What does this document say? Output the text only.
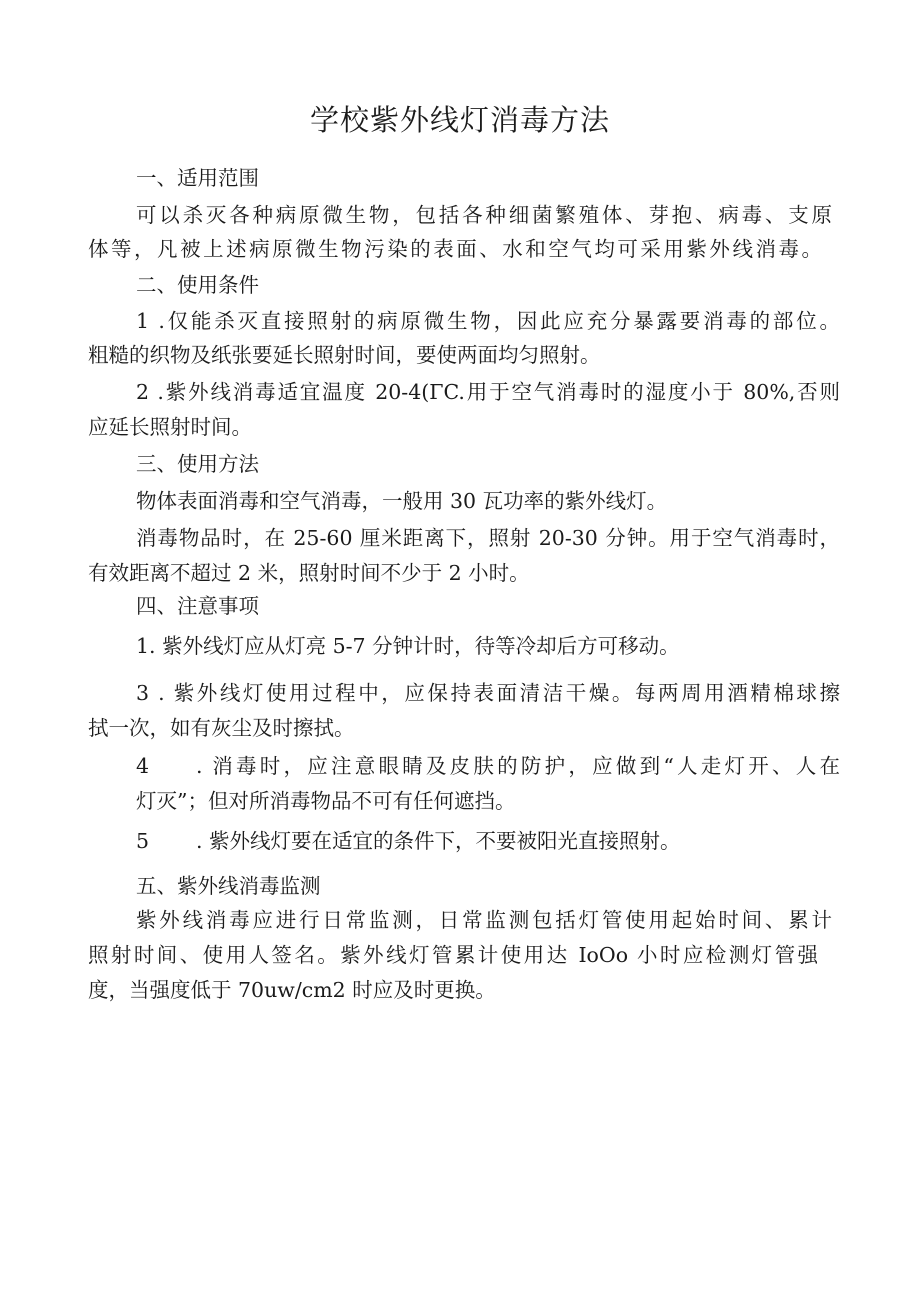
学校紫外线灯消毒方法
一、适用范围
可以杀灭各种病原微生物，包括各种细菌繁殖体、芽抱、病毒、支原
体等，凡被上述病原微生物污染的表面、水和空气均可采用紫外线消毒。
二、使用条件
1 .仅能杀灭直接照射的病原微生物，因此应充分暴露要消毒的部位。
粗糙的织物及纸张要延长照射时间，要使两面均匀照射。
2 .紫外线消毒适宜温度 20-4(ΓC.用于空气消毒时的湿度小于 80%,否则
应延长照射时间。
三、使用方法
物体表面消毒和空气消毒，一般用 30 瓦功率的紫外线灯。
消毒物品时，在 25-60 厘米距离下，照射 20-30 分钟。用于空气消毒时，
有效距离不超过 2 米，照射时间不少于 2 小时。
四、注意事项
1. 紫外线灯应从灯亮 5-7 分钟计时，待等冷却后方可移动。
3 . 紫外线灯使用过程中，应保持表面清洁干燥。每两周用酒精棉球擦
拭一次，如有灰尘及时擦拭。
4 . 消毒时，应注意眼睛及皮肤的防护，应做到“人走灯开、人在
灯灭”；但对所消毒物品不可有任何遮挡。
5 . 紫外线灯要在适宜的条件下，不要被阳光直接照射。
五、紫外线消毒监测
紫外线消毒应进行日常监测，日常监测包括灯管使用起始时间、累计
照射时间、使用人签名。紫外线灯管累计使用达 IoOo 小时应检测灯管强
度，当强度低于 70uw/cm2 时应及时更换。
